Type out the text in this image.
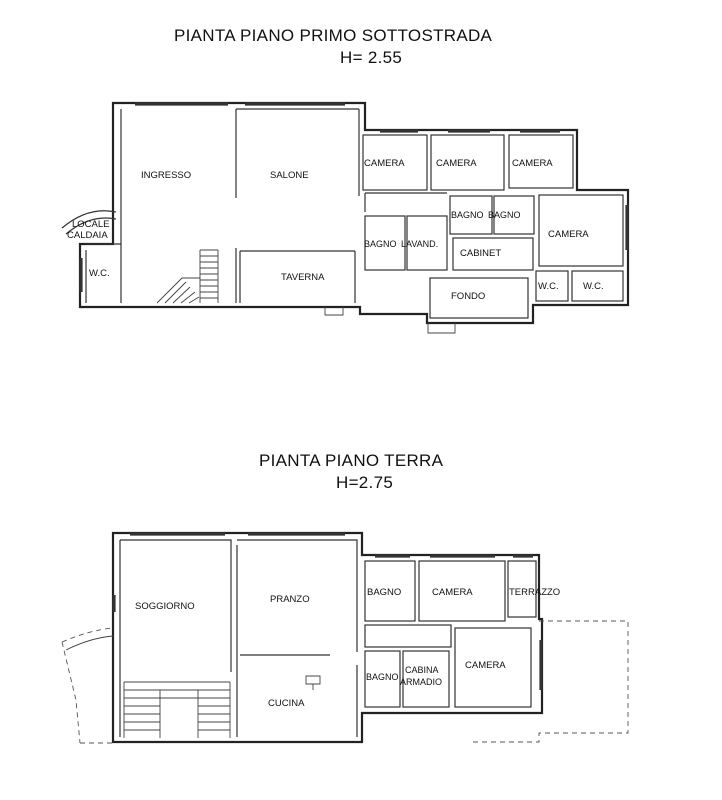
PIANTA PIANO PRIMO SOTTOSTRADA
H= 2.55
PIANTA PIANO TERRA
H=2.75
INGRESSO	SALONE
LOCALE
CALDAIA
W.C.	TAVERNA
CAMERA	CAMERA	CAMERA
CAMERA
BAGNO BAGNO
BAGNO LAVAND.
CABINET
FONDO
W.C.	W.C.
SOGGIORNO
PRANZO
CUCINA
BAGNO	CAMERA	TERRAZZO
CAMERA
BAGNO
CABINA
ARMADIO
